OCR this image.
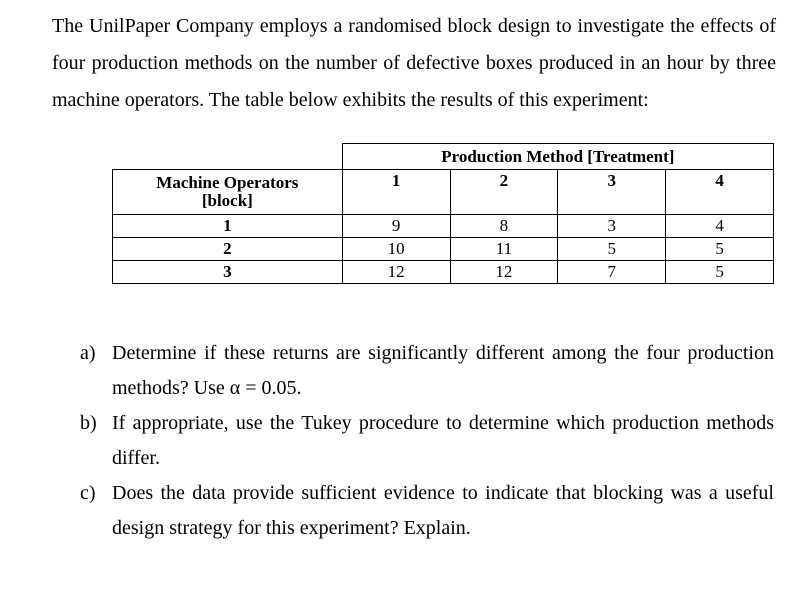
The UnilPaper Company employs a randomised block design to investigate the effects of four production methods on the number of defective boxes produced in an hour by three machine operators. The table below exhibits the results of this experiment:

	Production Method [Treatment]			

Machine Operators
[block]	1	2	3	4
1	9	8	3	4
2	10	11	5	5
3	12	12	7	5
a) Determine if these returns are significantly different among the four production methods? Use α = 0.05.
b) If appropriate, use the Tukey procedure to determine which production methods differ.
c) Does the data provide sufficient evidence to indicate that blocking was a useful design strategy for this experiment? Explain.
